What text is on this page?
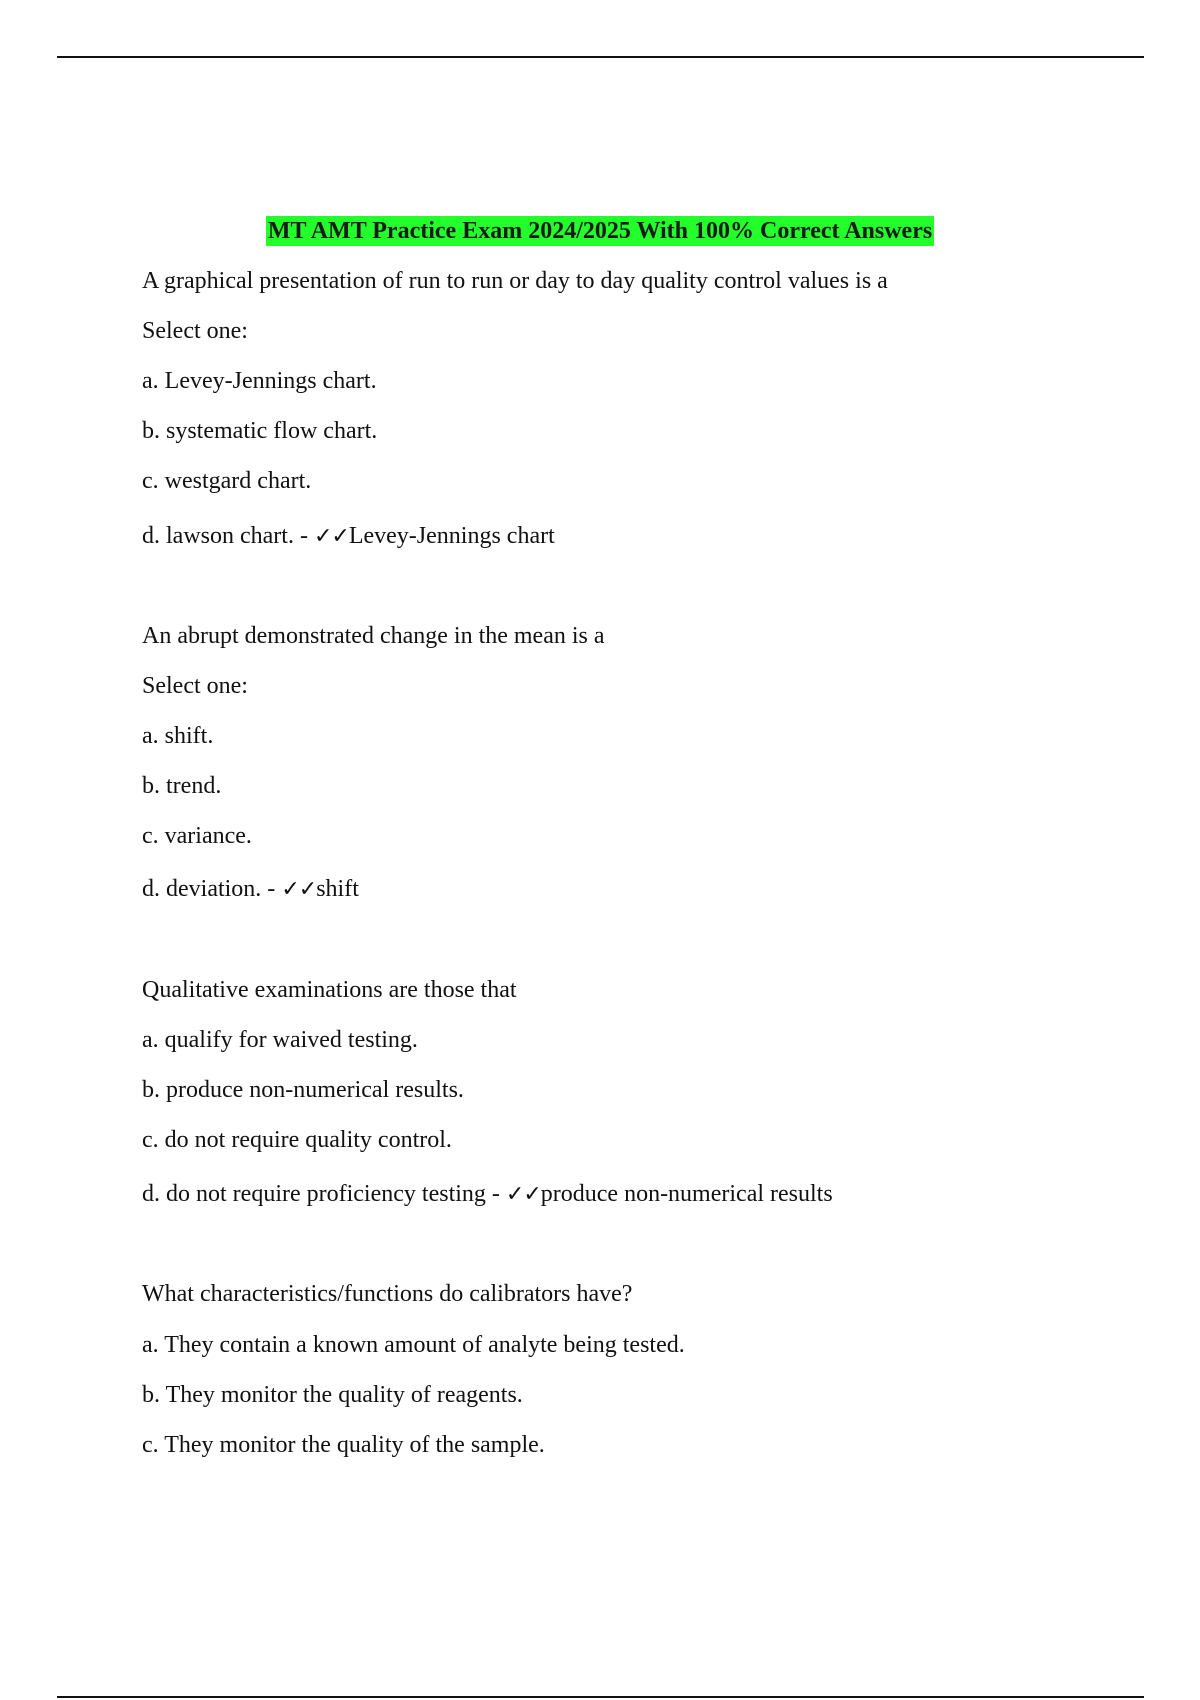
MT AMT Practice Exam 2024/2025 With 100% Correct Answers
A graphical presentation of run to run or day to day quality control values is a
Select one:
a. Levey-Jennings chart.
b. systematic flow chart.
c. westgard chart.
d. lawson chart. - ✓✓Levey-Jennings chart
An abrupt demonstrated change in the mean is a
Select one:
a. shift.
b. trend.
c. variance.
d. deviation. - ✓✓shift
Qualitative examinations are those that
a. qualify for waived testing.
b. produce non-numerical results.
c. do not require quality control.
d. do not require proficiency testing - ✓✓produce non-numerical results
What characteristics/functions do calibrators have?
a. They contain a known amount of analyte being tested.
b. They monitor the quality of reagents.
c. They monitor the quality of the sample.
